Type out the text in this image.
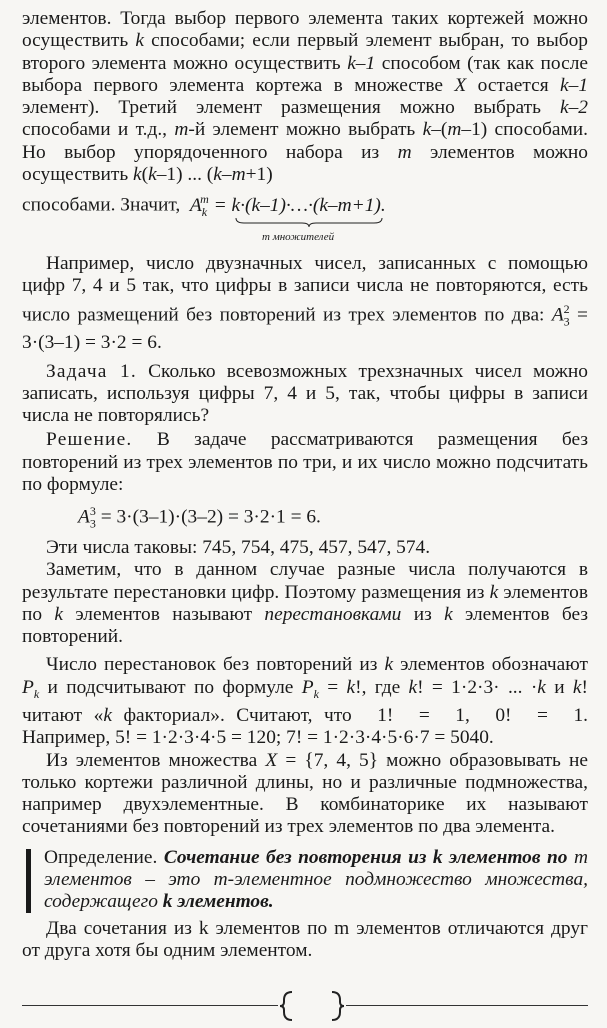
элементов. Тогда выбор первого элемента таких кортежей можно осуществить k способами; если первый элемент выбран, то выбор второго элемента можно осуществить k–1 способом (так как после выбора первого элемента кортежа в множестве X остается k–1 элемент). Третий элемент размещения можно выбрать k–2 способами и т.д., m-й элемент можно выбрать k–(m–1) способами. Но выбор упорядоченного набора из m элементов можно осуществить k(k–1) ... (k–m+1)

способами. Значит,  $A_k^m$ = k·(k–1)·…·(k–m+1).

m множителей

Например, число двузначных чисел, записанных с помощью цифр 7, 4 и 5 так, что цифры в записи числа не повторяются, есть число размещений без повторений из трех элементов по два: $A_3^2 = 3\cdot(3-1) = 3\cdot 2 = 6$.

Задача 1. Сколько всевозможных трехзначных чисел можно записать, используя цифры 7, 4 и 5, так, чтобы цифры в записи числа не повторялись?

Решение. В задаче рассматриваются размещения без повторений из трех элементов по три, и их число можно подсчитать по формуле:

$A_3^3 = 3\cdot(3-1)\cdot(3-2) = 3\cdot 2\cdot 1 = 6$.

Эти числа таковы: 745, 754, 475, 457, 547, 574.

Заметим, что в данном случае разные числа получаются в результате перестановки цифр. Поэтому размещения из k элементов по k элементов называют перестановками из k элементов без повторений.

Число перестановок без повторений из k элементов обозначают $P_k$ и подсчитывают по формуле $P_k = k$!, где k! = 1·2·3· ... ·k и k! читают «k факториал». Считают, что 1! = 1, 0! = 1. Например, 5! = 1·2·3·4·5 = 120; 7! = 1·2·3·4·5·6·7 = 5040.

Из элементов множества X = {7, 4, 5} можно образовывать не только кортежи различной длины, но и различные подмножества, например двухэлементные. В комбинаторике их называют сочетаниями без повторений из трех элементов по два элемента.

Определение. Сочетание без повторения из k элементов по m элементов – это m-элементное подмножество множества, содержащего k элементов.

Два сочетания из k элементов по m элементов отличаются друг от друга хотя бы одним элементом.
